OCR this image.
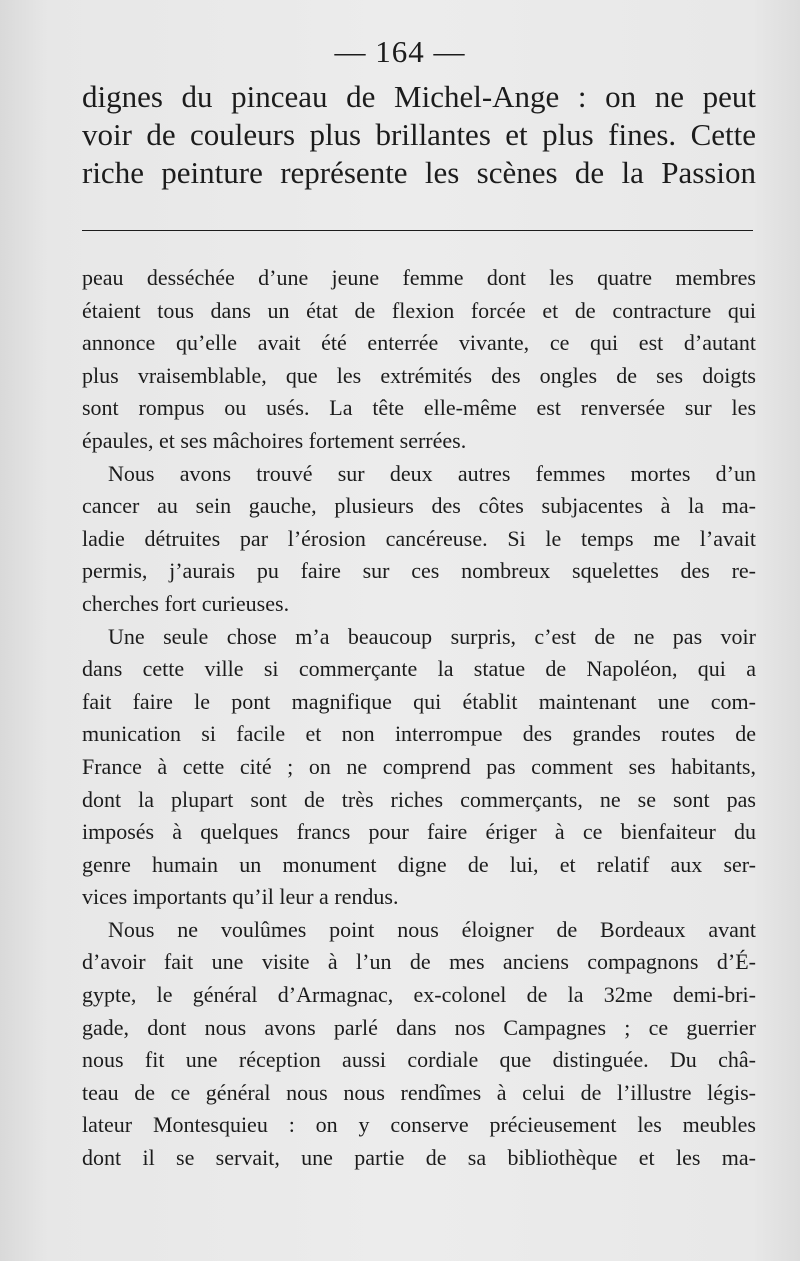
— 164 —
dignes du pinceau de Michel-Ange : on ne peut
voir de couleurs plus brillantes et plus fines. Cette
riche peinture représente les scènes de la Passion
peau desséchée d’une jeune femme dont les quatre membres
étaient tous dans un état de flexion forcée et de contracture qui
annonce qu’elle avait été enterrée vivante, ce qui est d’autant
plus vraisemblable, que les extrémités des ongles de ses doigts
sont rompus ou usés. La tête elle-même est renversée sur les
épaules, et ses mâchoires fortement serrées.
Nous avons trouvé sur deux autres femmes mortes d’un
cancer au sein gauche, plusieurs des côtes subjacentes à la ma-
ladie détruites par l’érosion cancéreuse. Si le temps me l’avait
permis, j’aurais pu faire sur ces nombreux squelettes des re-
cherches fort curieuses.
Une seule chose m’a beaucoup surpris, c’est de ne pas voir
dans cette ville si commerçante la statue de Napoléon, qui a
fait faire le pont magnifique qui établit maintenant une com-
munication si facile et non interrompue des grandes routes de
France à cette cité ; on ne comprend pas comment ses habitants,
dont la plupart sont de très riches commerçants, ne se sont pas
imposés à quelques francs pour faire ériger à ce bienfaiteur du
genre humain un monument digne de lui, et relatif aux ser-
vices importants qu’il leur a rendus.
Nous ne voulûmes point nous éloigner de Bordeaux avant
d’avoir fait une visite à l’un de mes anciens compagnons d’É-
gypte, le général d’Armagnac, ex-colonel de la 32me demi-bri-
gade, dont nous avons parlé dans nos Campagnes ; ce guerrier
nous fit une réception aussi cordiale que distinguée. Du châ-
teau de ce général nous nous rendîmes à celui de l’illustre légis-
lateur Montesquieu : on y conserve précieusement les meubles
dont il se servait, une partie de sa bibliothèque et les ma-
